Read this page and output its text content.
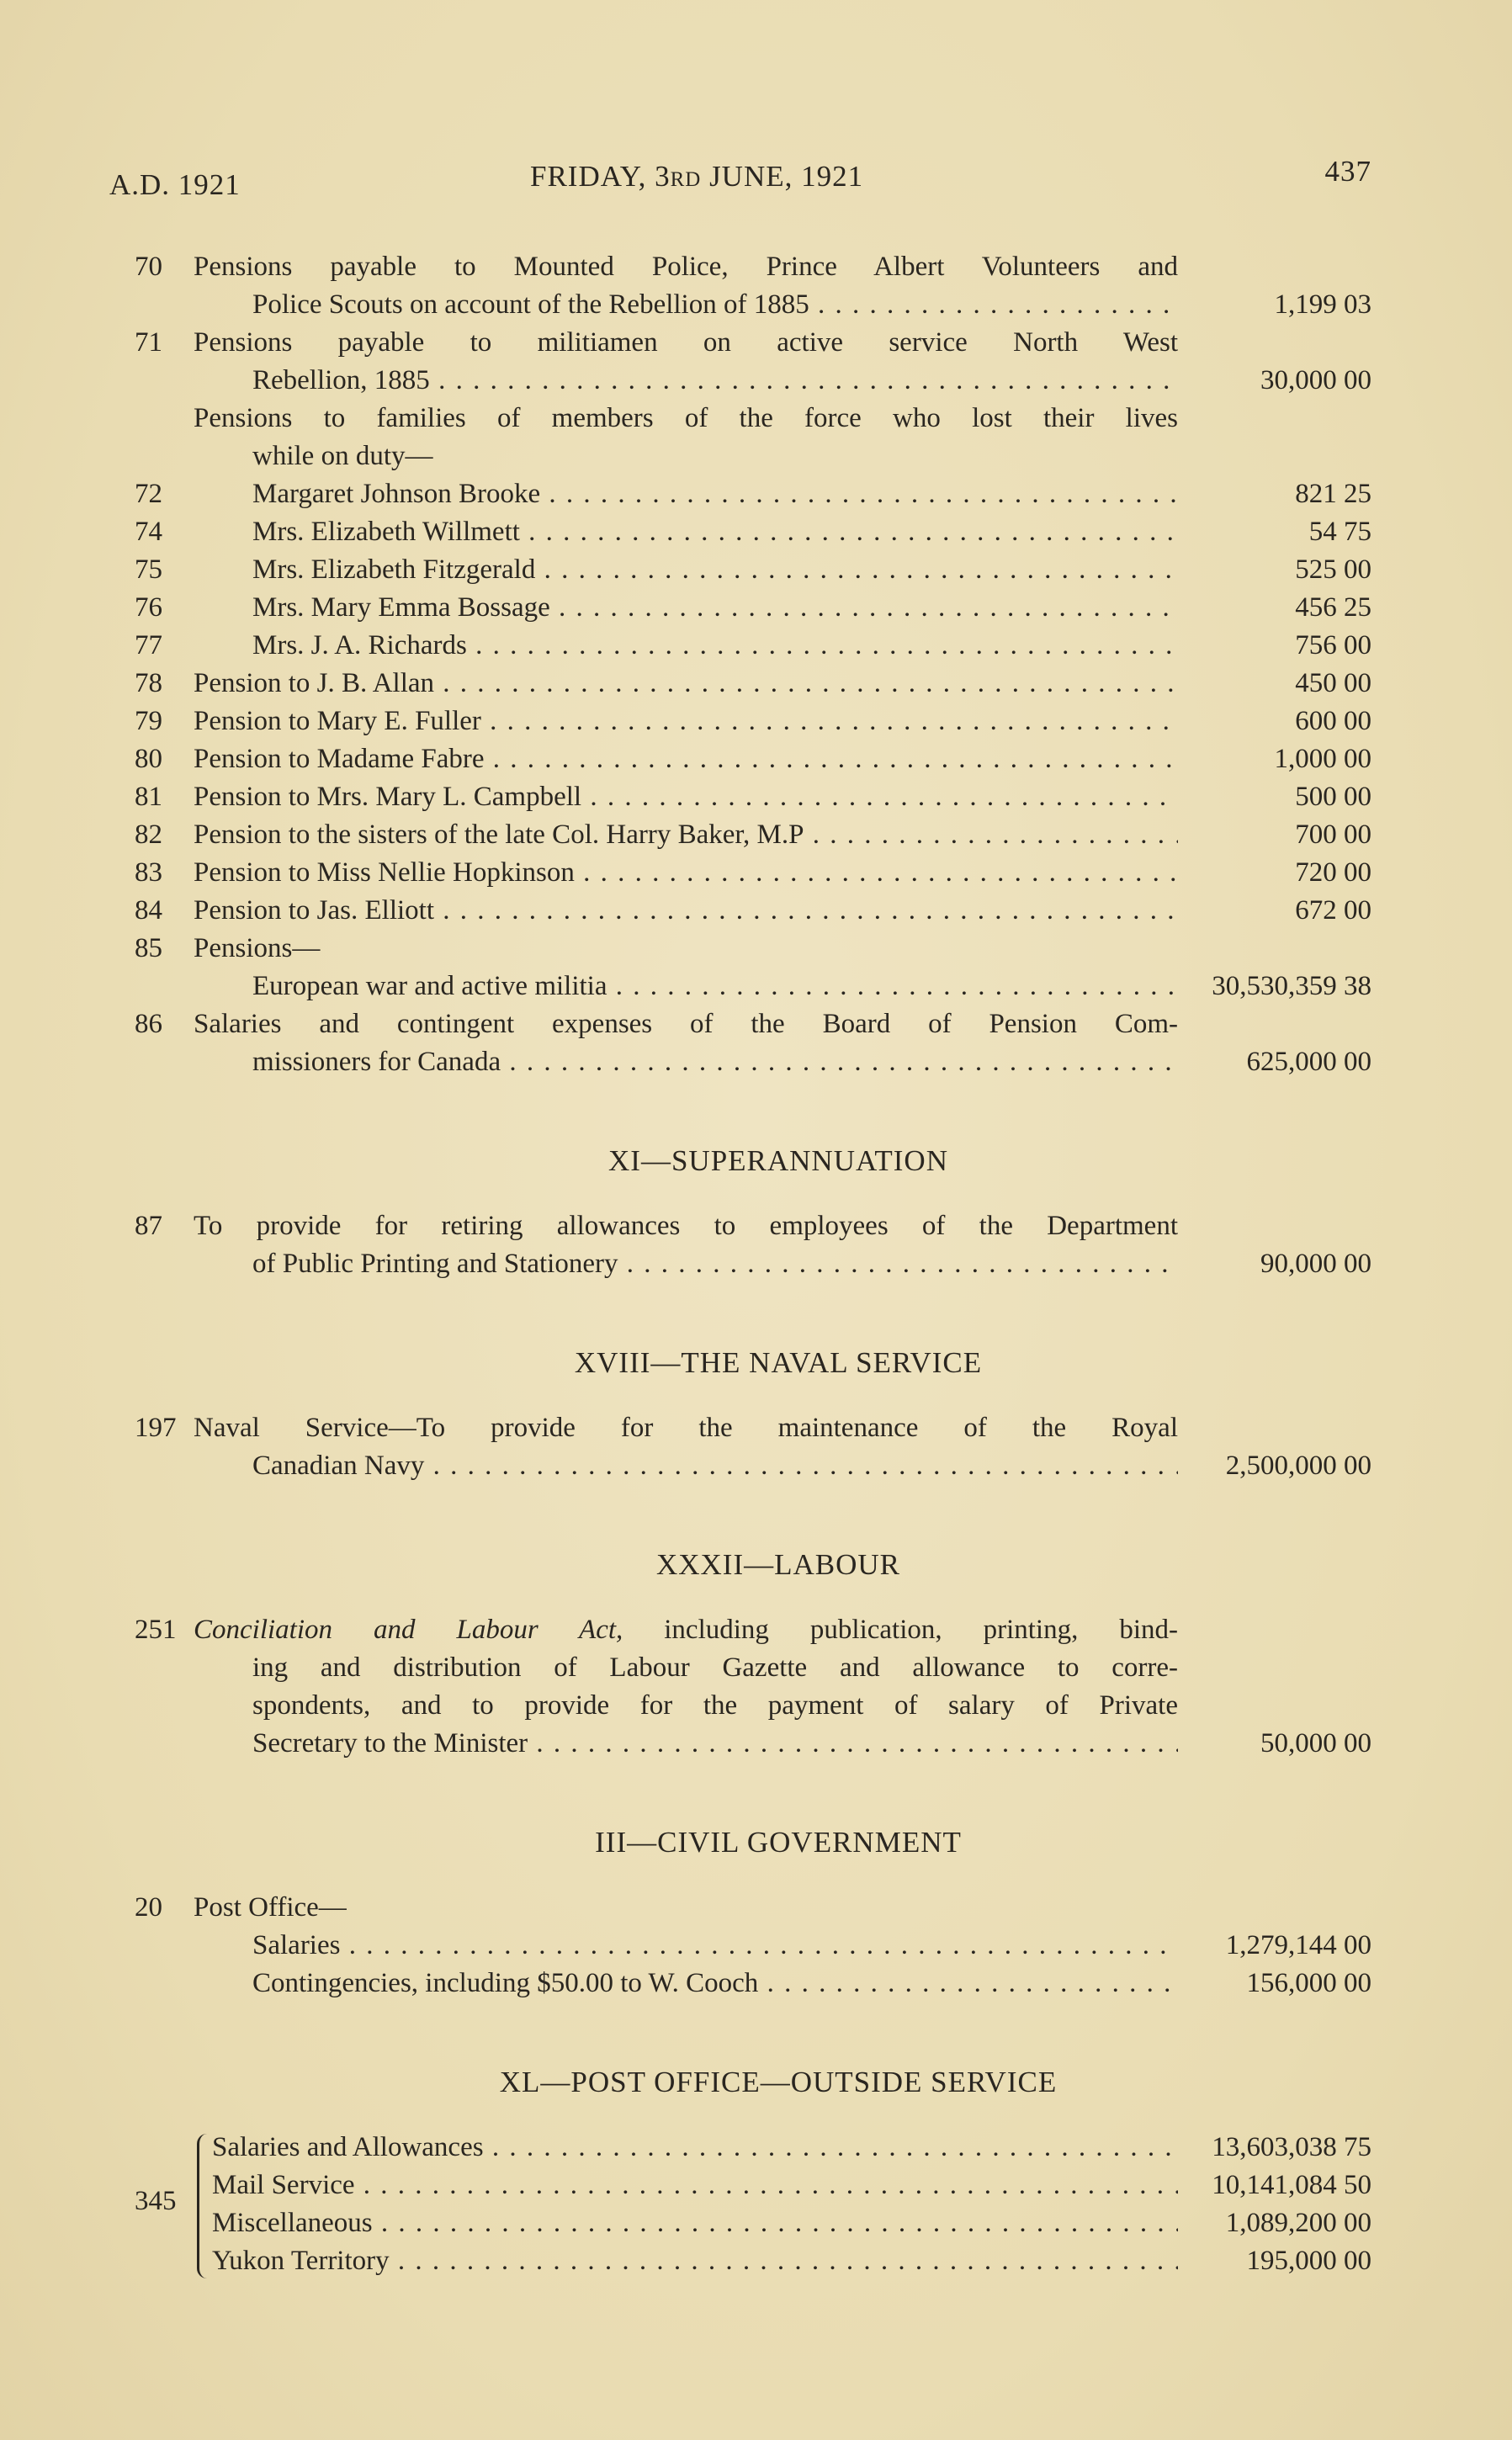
A.D. 1921	FRIDAY, 3RD JUNE, 1921	437
70	Pensions payable to Mounted Police, Prince Albert Volunteers and
Police Scouts on account of the Rebellion of 1885 . . .	1,199 03
71	Pensions payable to militiamen on active service North West
Rebellion, 1885 . . .	30,000 00
Pensions to families of members of the force who lost their lives
while on duty—
72	Margaret Johnson Brooke . . .	821 25
74	Mrs. Elizabeth Willmett . . .	54 75
75	Mrs. Elizabeth Fitzgerald . . .	525 00
76	Mrs. Mary Emma Bossage . . .	456 25
77	Mrs. J. A. Richards . . .	756 00
78	Pension to J. B. Allan . . .	450 00
79	Pension to Mary E. Fuller . . .	600 00
80	Pension to Madame Fabre . . .	1,000 00
81	Pension to Mrs. Mary L. Campbell . . .	500 00
82	Pension to the sisters of the late Col. Harry Baker, M.P . . .	700 00
83	Pension to Miss Nellie Hopkinson . . .	720 00
84	Pension to Jas. Elliott . . .	672 00
85	Pensions—
European war and active militia . . .	30,530,359 38
86	Salaries and contingent expenses of the Board of Pension Com-
missioners for Canada . . .	625,000 00
XI—SUPERANNUATION
87	To provide for retiring allowances to employees of the Department
of Public Printing and Stationery . . .	90,000 00
XVIII—THE NAVAL SERVICE
197 Naval Service—To provide for the maintenance of the Royal
Canadian Navy . . .	2,500,000 00
XXXII—LABOUR
251 Conciliation and Labour Act, including publication, printing, bind-
ing and distribution of Labour Gazette and allowance to corre-
spondents, and to provide for the payment of salary of Private
Secretary to the Minister . . .	50,000 00
III—CIVIL GOVERNMENT
20	Post Office—
Salaries . . .	1,279,144 00
Contingencies, including $50.00 to W. Cooch . . .	156,000 00
XL—POST OFFICE—OUTSIDE SERVICE
345
Salaries and Allowances . . .	13,603,038 75
Mail Service . . .	10,141,084 50
Miscellaneous . . .	1,089,200 00
Yukon Territory . . .	195,000 00
